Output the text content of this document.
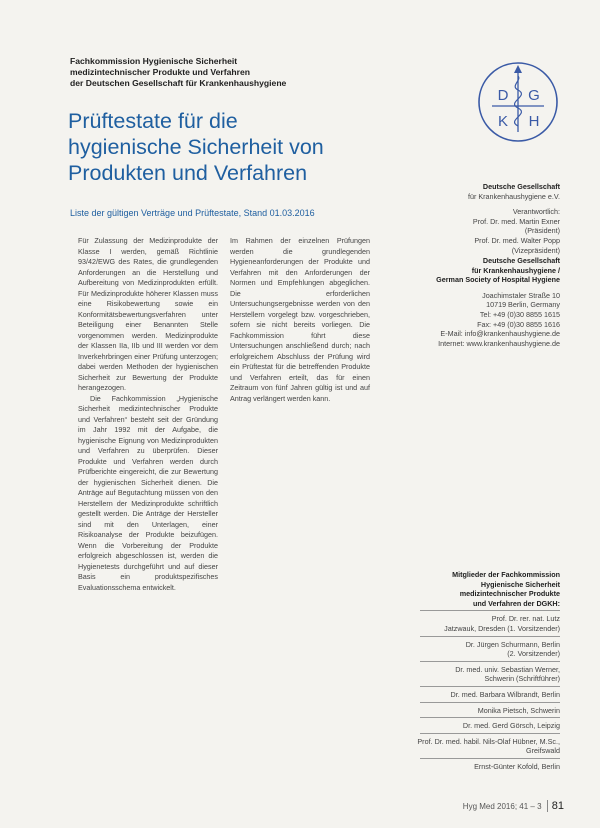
Fachkommission Hygienische Sicherheit
medizintechnischer Produkte und Verfahren
der Deutschen Gesellschaft für Krankenhaushygiene
Prüftestate für die
hygienische Sicherheit von
Produkten und Verfahren
Liste der gültigen Verträge und Prüftestate, Stand 01.03.2016

Für Zulassung der Medizinprodukte der Klasse I werden, gemäß Richtlinie 93/42/EWG des Rates, die grundlegenden Anforderungen an die Herstellung und Aufbereitung von Medizinprodukten erfüllt. Für Medizinprodukte höherer Klassen muss eine Risikobewertung sowie ein Konformitätsbewertungsverfahren unter Beteiligung einer Benannten Stelle vorgenommen werden. Medizinprodukte der Klassen IIa, IIb und III werden vor dem Inverkehrbringen einer Prüfung unterzogen; dabei werden Methoden der hygienischen Sicherheit zur Bewertung der Produkte herangezogen.

Die Fachkommission „Hygienische Sicherheit medizintechnischer Produkte und Verfahren“ besteht seit der Gründung im Jahr 1992 mit der Aufgabe, die hygienische Eignung von Medizinprodukten und Verfahren zu überprüfen. Dieser Produkte und Verfahren werden durch Prüfberichte eingereicht, die zur Bewertung der hygienischen Sicherheit dienen. Die Anträge auf Begutachtung müssen von den Herstellern der Medizinprodukte schriftlich gestellt werden. Die Anträge der Hersteller sind mit den Unterlagen, einer Risikoanalyse der Produkte beizufügen. Wenn die Vorbereitung der Produkte erfolgreich abgeschlossen ist, werden die Hygienetests durchgeführt und auf dieser Basis ein produktspezifisches Evaluationsschema entwickelt.

Im Rahmen der einzelnen Prüfungen werden die grundlegenden Hygieneanforderungen der Produkte und Verfahren mit den Anforderungen der Normen und Empfehlungen abgeglichen. Die erforderlichen Untersuchungsergebnisse werden von den Herstellern vorgelegt bzw. vorgeschrieben, sofern sie nicht bereits vorliegen. Die Fachkommission führt diese Untersuchungen anschließend durch; nach erfolgreichem Abschluss der Prüfung wird ein Prüftestat für die betreffenden Produkte und Verfahren erteilt, das für einen Zeitraum von fünf Jahren gültig ist und auf Antrag verlängert werden kann.

D G
K H
Deutsche Gesellschaft
für Krankenhaushygiene e.V.
Verantwortlich:
Prof. Dr. med. Martin Exner
(Präsident)
Prof. Dr. med. Walter Popp
(Vizepräsident)
Deutsche Gesellschaft
für Krankenhaushygiene /
German Society of Hospital Hygiene
Joachimstaler Straße 10
10719 Berlin, Germany
Tel: +49 (0)30 8855 1615
Fax: +49 (0)30 8855 1616
E-Mail: info@krankenhaushygiene.de
Internet: www.krankenhaushygiene.de
Mitglieder der Fachkommission
Hygienische Sicherheit
medizintechnischer Produkte
und Verfahren der DGKH:
Prof. Dr. rer. nat. Lutz
Jatzwauk, Dresden (1. Vorsitzender)
Dr. Jürgen Schurmann, Berlin
(2. Vorsitzender)
Dr. med. univ. Sebastian Werner,
Schwerin (Schriftführer)
Dr. med. Barbara Wilbrandt, Berlin
Monika Pietsch, Schwerin
Dr. med. Gerd Görsch, Leipzig
Prof. Dr. med. habil. Nils-Olaf Hübner, M.Sc.,
Greifswald
Ernst-Günter Kofold, Berlin
Hyg Med 2016; 41 – 3 81
